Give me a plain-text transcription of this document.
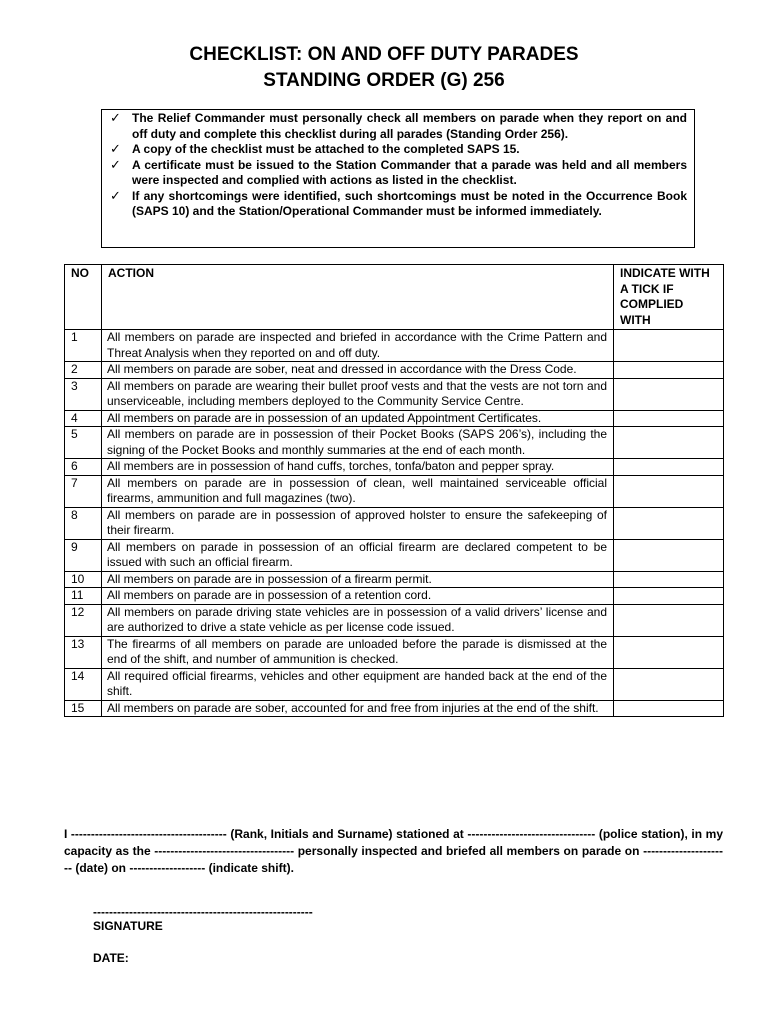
CHECKLIST: ON AND OFF DUTY PARADES
STANDING ORDER (G) 256
✓ The Relief Commander must personally check all members on parade when they report on and off duty and complete this checklist during all parades (Standing Order 256).
✓ A copy of the checklist must be attached to the completed SAPS 15.
✓ A certificate must be issued to the Station Commander that a parade was held and all members were inspected and complied with actions as listed in the checklist.
✓ If any shortcomings were identified, such shortcomings must be noted in the Occurrence Book (SAPS 10) and the Station/Operational Commander must be informed immediately.
NO	ACTION	INDICATE WITH A TICK IF COMPLIED WITH
1	All members on parade are inspected and briefed in accordance with the Crime Pattern and Threat Analysis when they reported on and off duty.	
2	All members on parade are sober, neat and dressed in accordance with the Dress Code.	
3	All members on parade are wearing their bullet proof vests and that the vests are not torn and unserviceable, including members deployed to the Community Service Centre.	
4	All members on parade are in possession of an updated Appointment Certificates.	
5	All members on parade are in possession of their Pocket Books (SAPS 206’s), including the signing of the Pocket Books and monthly summaries at the end of each month.	
6	All members are in possession of hand cuffs, torches, tonfa/baton and pepper spray.	
7	All members on parade are in possession of clean, well maintained serviceable official firearms, ammunition and full magazines (two).	
8	All members on parade are in possession of approved holster to ensure the safekeeping of their firearm.	
9	All members on parade in possession of an official firearm are declared competent to be issued with such an official firearm.	
10	All members on parade are in possession of a firearm permit.	
11	All members on parade are in possession of a retention cord.	
12	All members on parade driving state vehicles are in possession of a valid drivers’ license and are authorized to drive a state vehicle as per license code issued.	
13	The firearms of all members on parade are unloaded before the parade is dismissed at the end of the shift, and number of ammunition is checked.	
14	All required official firearms, vehicles and other equipment are handed back at the end of the shift.	
15	All members on parade are sober, accounted for and free from injuries at the end of the shift.	
I --------------------------------------- (Rank, Initials and Surname) stationed at -------------------------------- (police station), in my capacity as the ----------------------------------- personally inspected and briefed all members on parade on ---------------------- (date) on ------------------- (indicate shift).
-------------------------------------------------------
SIGNATURE
DATE:
